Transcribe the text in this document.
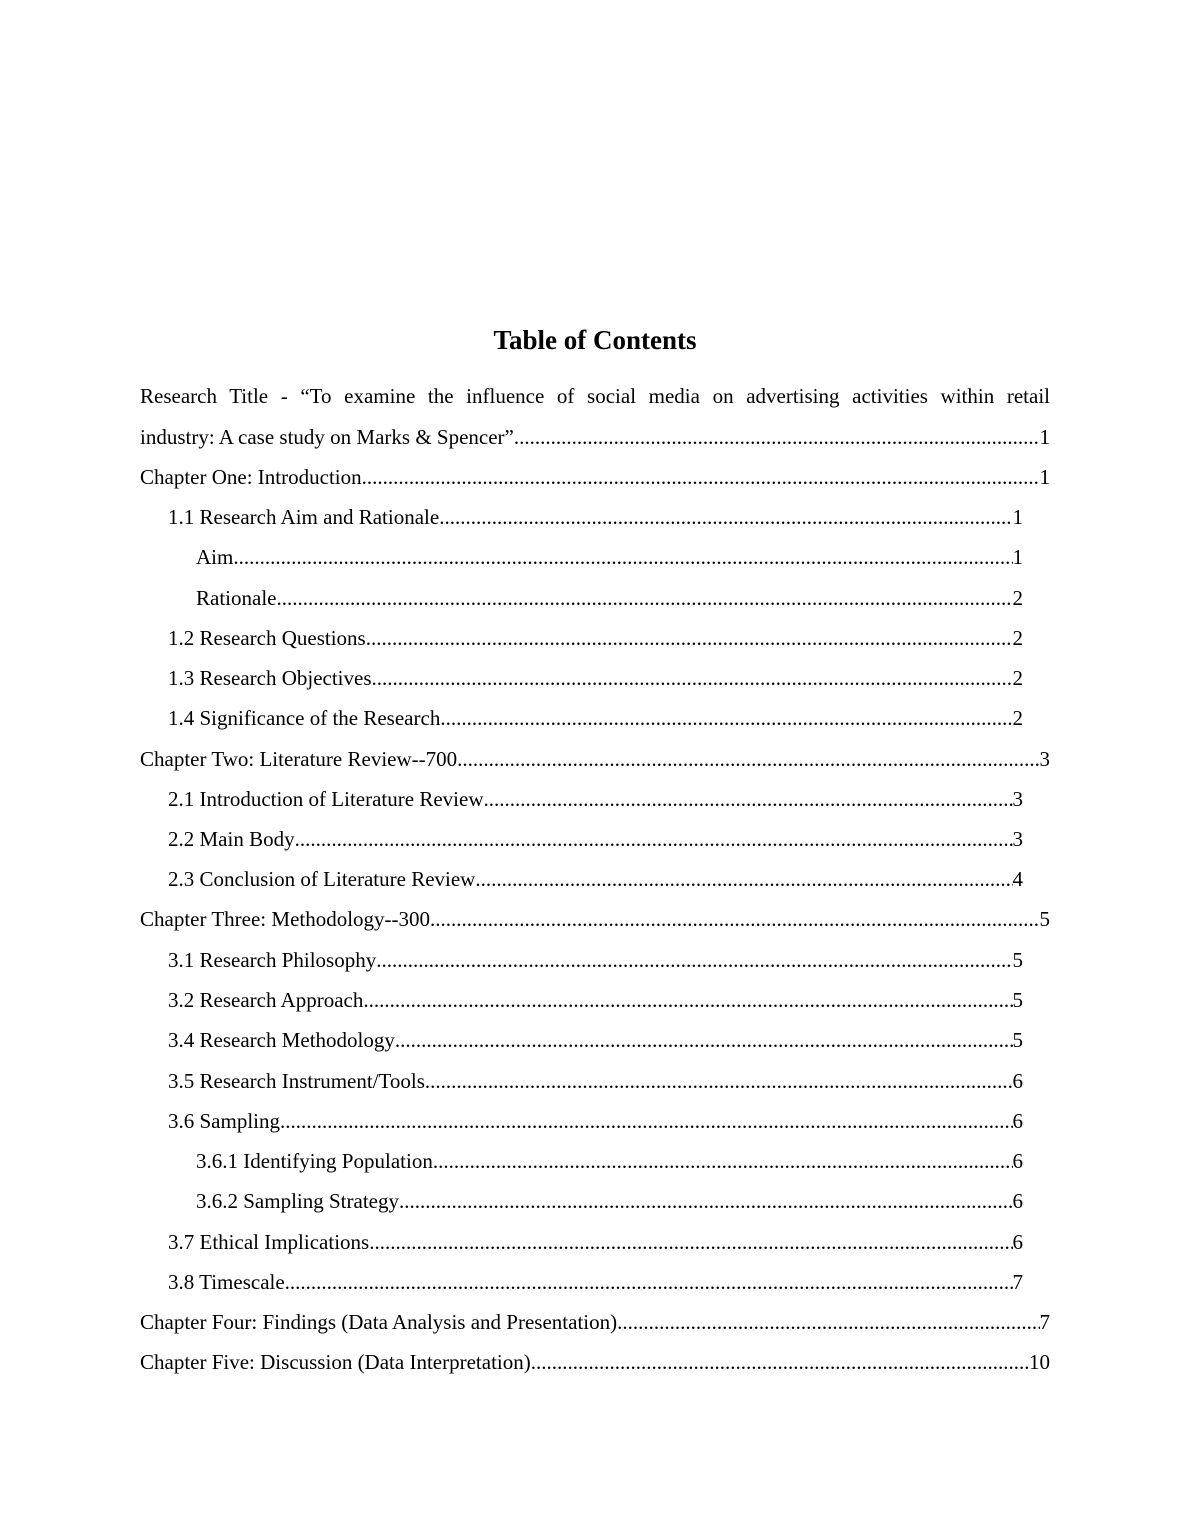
Table of Contents
Research Title - “To examine the influence of social media on advertising activities within retail
industry: A case study on Marks & Spencer” .....	1
Chapter One: Introduction .....	1
1.1 Research Aim and Rationale .....	1
Aim .....	1
Rationale .....	2
1.2 Research Questions .....	2
1.3 Research Objectives .....	2
1.4 Significance of the Research .....	2
Chapter Two: Literature Review--700 .....	3
2.1 Introduction of Literature Review .....	3
2.2 Main Body .....	3
2.3 Conclusion of Literature Review .....	4
Chapter Three: Methodology--300 .....	5
3.1 Research Philosophy .....	5
3.2 Research Approach .....	5
3.4 Research Methodology .....	5
3.5 Research Instrument/Tools .....	6
3.6 Sampling .....	6
3.6.1 Identifying Population .....	6
3.6.2 Sampling Strategy .....	6
3.7 Ethical Implications .....	6
3.8 Timescale .....	7
Chapter Four: Findings (Data Analysis and Presentation) .....	7
Chapter Five: Discussion (Data Interpretation) .....	10
